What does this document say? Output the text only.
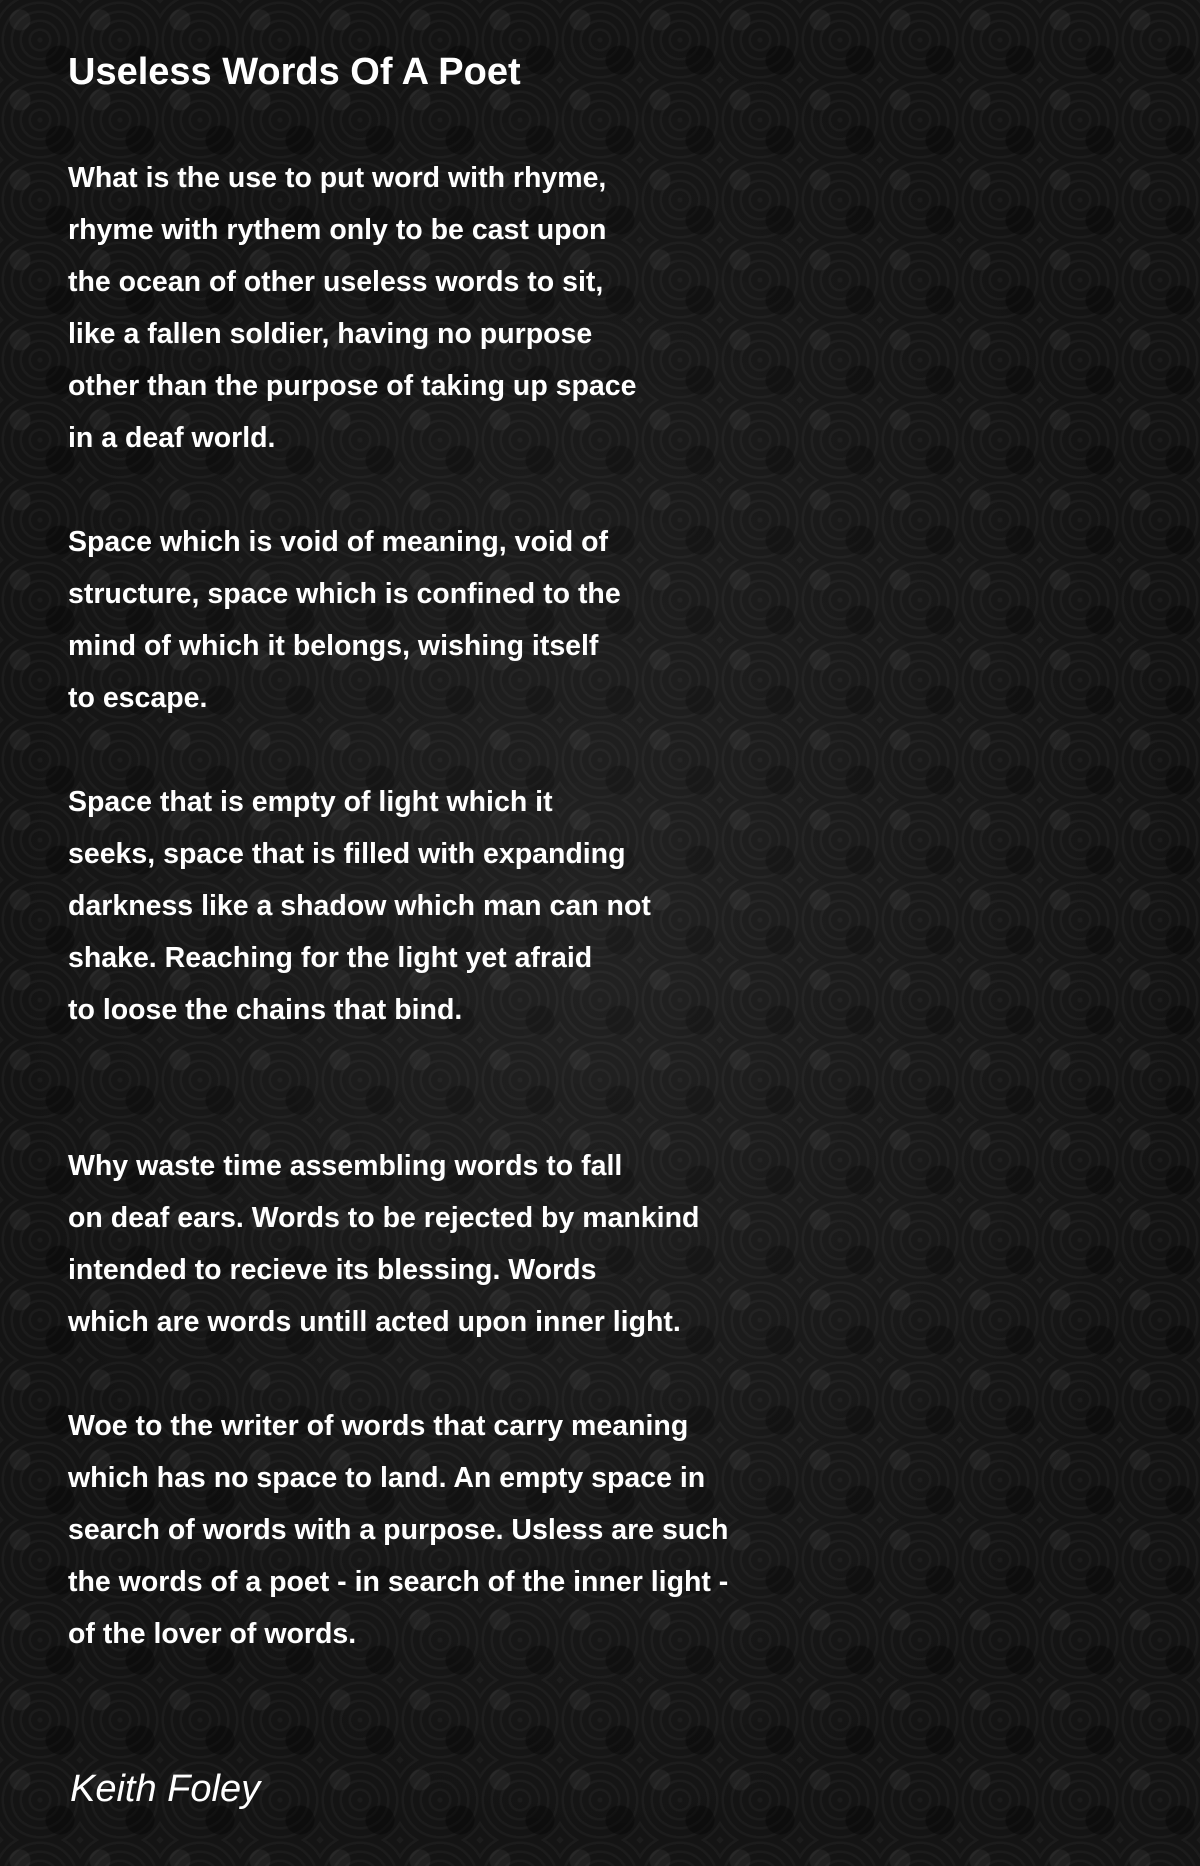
Useless Words Of A Poet
What is the use to put word with rhyme,
rhyme with rythem only to be cast upon
the ocean of other useless words to sit,
like a fallen soldier, having no purpose
other than the purpose of taking up space
in a deaf world.
Space which is void of meaning, void of
structure, space which is confined to the
mind of which it belongs, wishing itself
to escape.
Space that is empty of light which it
seeks, space that is filled with expanding
darkness like a shadow which man can not
shake. Reaching for the light yet afraid
to loose the chains that bind.
Why waste time assembling words to fall
on deaf ears. Words to be rejected by mankind
intended to recieve its blessing. Words
which are words untill acted upon inner light.
Woe to the writer of words that carry meaning
which has no space to land. An empty space in
search of words with a purpose. Usless are such
the words of a poet - in search of the inner light -
of the lover of words.

Keith Foley
